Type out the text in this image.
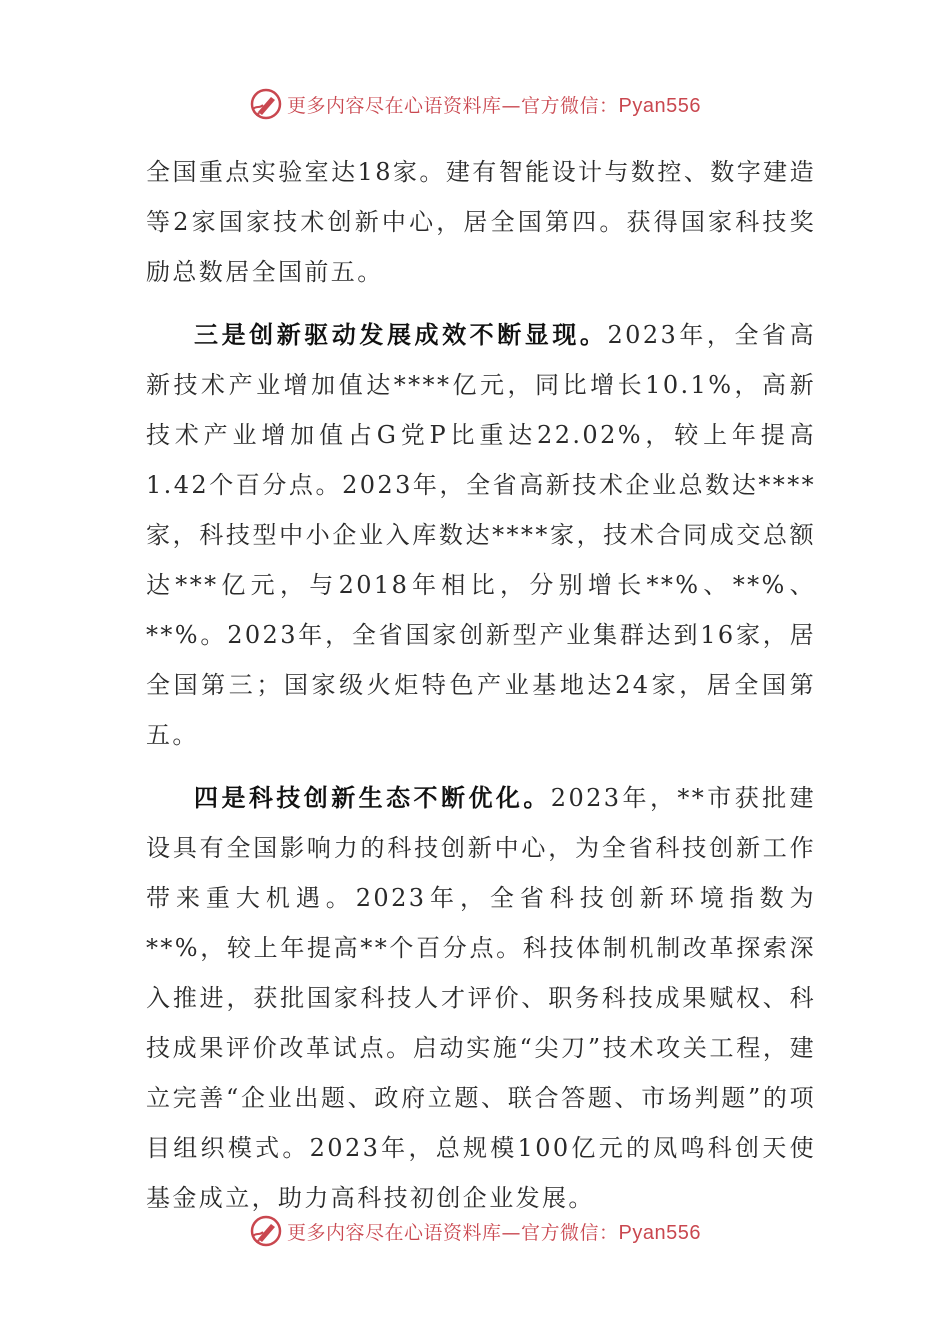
更多内容尽在心语资料库—官方微信：Pyan556

全国重点实验室达18家。建有智能设计与数控、数字建造等2家国家技术创新中心，居全国第四。获得国家科技奖励总数居全国前五。

三是创新驱动发展成效不断显现。2023年，全省高新技术产业增加值达****亿元，同比增长10.1%，高新技术产业增加值占G党P比重达22.02%，较上年提高1.42个百分点。2023年，全省高新技术企业总数达****家，科技型中小企业入库数达****家，技术合同成交总额达***亿元，与2018年相比，分别增长**%、**%、**%。2023年，全省国家创新型产业集群达到16家，居全国第三；国家级火炬特色产业基地达24家，居全国第五。

四是科技创新生态不断优化。2023年，**市获批建设具有全国影响力的科技创新中心，为全省科技创新工作带来重大机遇。2023年，全省科技创新环境指数为**%，较上年提高**个百分点。科技体制机制改革探索深入推进，获批国家科技人才评价、职务科技成果赋权、科技成果评价改革试点。启动实施“尖刀”技术攻关工程，建立完善“企业出题、政府立题、联合答题、市场判题”的项目组织模式。2023年，总规模100亿元的凤鸣科创天使基金成立，助力高科技初创企业发展。

更多内容尽在心语资料库—官方微信：Pyan556
